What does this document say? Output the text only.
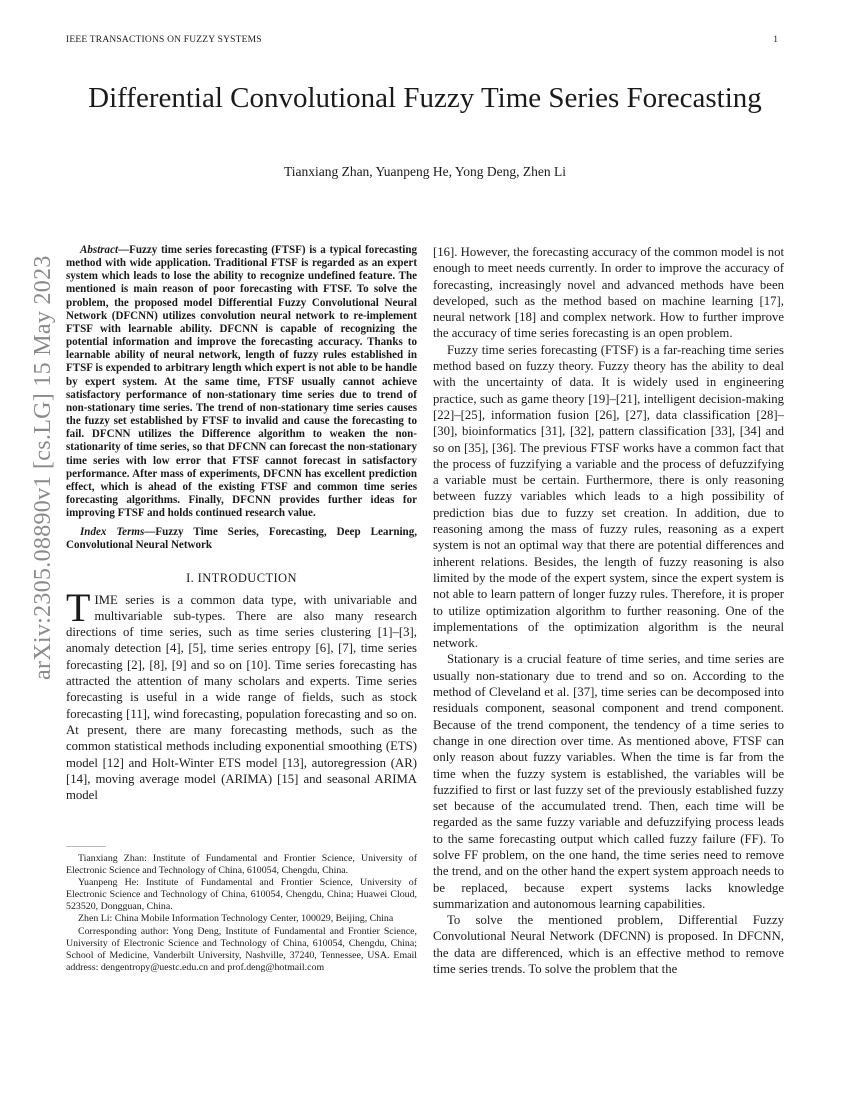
IEEE TRANSACTIONS ON FUZZY SYSTEMS	1
Differential Convolutional Fuzzy Time Series Forecasting
Tianxiang Zhan, Yuanpeng He, Yong Deng, Zhen Li
arXiv:2305.08890v1 [cs.LG] 15 May 2023

Abstract—Fuzzy time series forecasting (FTSF) is a typical forecasting method with wide application. Traditional FTSF is regarded as an expert system which leads to lose the ability to recognize undefined feature. The mentioned is main reason of poor forecasting with FTSF. To solve the problem, the proposed model Differential Fuzzy Convolutional Neural Network (DFCNN) utilizes convolution neural network to re-implement FTSF with learnable ability. DFCNN is capable of recognizing the potential information and improve the forecasting accuracy. Thanks to learnable ability of neural network, length of fuzzy rules established in FTSF is expended to arbitrary length which expert is not able to be handle by expert system. At the same time, FTSF usually cannot achieve satisfactory performance of non-stationary time series due to trend of non-stationary time series. The trend of non-stationary time series causes the fuzzy set established by FTSF to invalid and cause the forecasting to fail. DFCNN utilizes the Difference algorithm to weaken the non-stationarity of time series, so that DFCNN can forecast the non-stationary time series with low error that FTSF cannot forecast in satisfactory performance. After mass of experiments, DFCNN has excellent prediction effect, which is ahead of the existing FTSF and common time series forecasting algorithms. Finally, DFCNN provides further ideas for improving FTSF and holds continued research value.

Index Terms—Fuzzy Time Series, Forecasting, Deep Learning, Convolutional Neural Network

I. INTRODUCTION

TIME series is a common data type, with univariable and multivariable sub-types. There are also many research directions of time series, such as time series clustering [1]–[3], anomaly detection [4], [5], time series entropy [6], [7], time series forecasting [2], [8], [9] and so on [10]. Time series forecasting has attracted the attention of many scholars and experts. Time series forecasting is useful in a wide range of fields, such as stock forecasting [11], wind forecasting, population forecasting and so on. At present, there are many forecasting methods, such as the common statistical methods including exponential smoothing (ETS) model [12] and Holt-Winter ETS model [13], autoregression (AR) [14], moving average model (ARIMA) [15] and seasonal ARIMA model

Tianxiang Zhan: Institute of Fundamental and Frontier Science, University of Electronic Science and Technology of China, 610054, Chengdu, China.

Yuanpeng He: Institute of Fundamental and Frontier Science, University of Electronic Science and Technology of China, 610054, Chengdu, China; Huawei Cloud, 523520, Dongguan, China.

Zhen Li: China Mobile Information Technology Center, 100029, Beijing, China

Corresponding author: Yong Deng, Institute of Fundamental and Frontier Science, University of Electronic Science and Technology of China, 610054, Chengdu, China; School of Medicine, Vanderbilt University, Nashville, 37240, Tennessee, USA. Email address: dengentropy@uestc.edu.cn and prof.deng@hotmail.com

[16]. However, the forecasting accuracy of the common model is not enough to meet needs currently. In order to improve the accuracy of forecasting, increasingly novel and advanced methods have been developed, such as the method based on machine learning [17], neural network [18] and complex network. How to further improve the accuracy of time series forecasting is an open problem.

Fuzzy time series forecasting (FTSF) is a far-reaching time series method based on fuzzy theory. Fuzzy theory has the ability to deal with the uncertainty of data. It is widely used in engineering practice, such as game theory [19]–[21], intelligent decision-making [22]–[25], information fusion [26], [27], data classification [28]–[30], bioinformatics [31], [32], pattern classification [33], [34] and so on [35], [36]. The previous FTSF works have a common fact that the process of fuzzifying a variable and the process of defuzzifying a variable must be certain. Furthermore, there is only reasoning between fuzzy variables which leads to a high possibility of prediction bias due to fuzzy set creation. In addition, due to reasoning among the mass of fuzzy rules, reasoning as a expert system is not an optimal way that there are potential differences and inherent relations. Besides, the length of fuzzy reasoning is also limited by the mode of the expert system, since the expert system is not able to learn pattern of longer fuzzy rules. Therefore, it is proper to utilize optimization algorithm to further reasoning. One of the implementations of the optimization algorithm is the neural network.

Stationary is a crucial feature of time series, and time series are usually non-stationary due to trend and so on. According to the method of Cleveland et al. [37], time series can be decomposed into residuals component, seasonal component and trend component. Because of the trend component, the tendency of a time series to change in one direction over time. As mentioned above, FTSF can only reason about fuzzy variables. When the time is far from the time when the fuzzy system is established, the variables will be fuzzified to first or last fuzzy set of the previously established fuzzy set because of the accumulated trend. Then, each time will be regarded as the same fuzzy variable and defuzzifying process leads to the same forecasting output which called fuzzy failure (FF). To solve FF problem, on the one hand, the time series need to remove the trend, and on the other hand the expert system approach needs to be replaced, because expert systems lacks knowledge summarization and autonomous learning capabilities.

To solve the mentioned problem, Differential Fuzzy Convolutional Neural Network (DFCNN) is proposed. In DFCNN, the data are differenced, which is an effective method to remove time series trends. To solve the problem that the
